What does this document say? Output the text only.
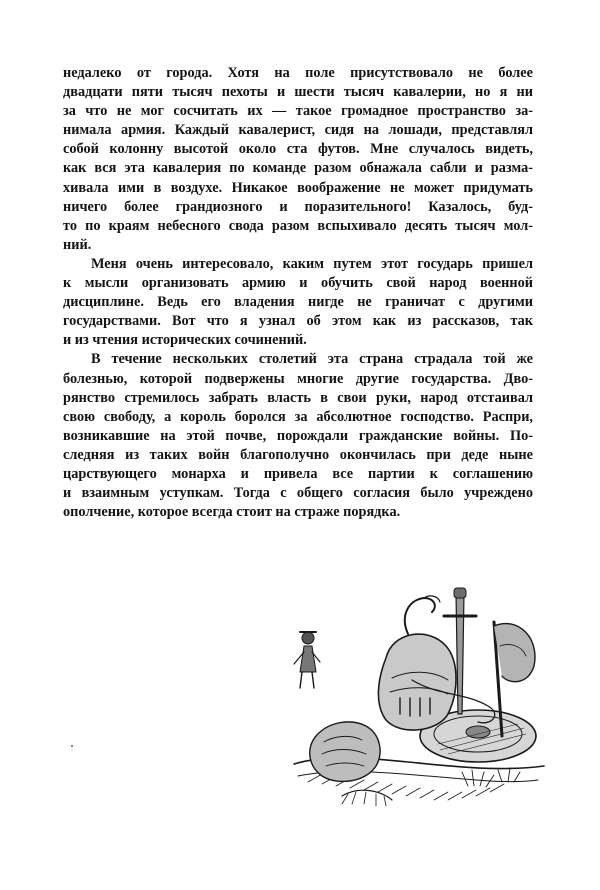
недалеко от города. Хотя на поле присутствовало не более
двадцати пяти тысяч пехоты и шести тысяч кавалерии, но я ни
за что не мог сосчитать их — такое громадное пространство за-
нимала армия. Каждый кавалерист, сидя на лошади, представлял
собой колонну высотой около ста футов. Мне случалось видеть,
как вся эта кавалерия по команде разом обнажала сабли и разма-
хивала ими в воздухе. Никакое воображение не может придумать
ничего более грандиозного и поразительного! Казалось, буд-
то по краям небесного свода разом вспыхивало десять тысяч мол-
ний.
Меня очень интересовало, каким путем этот государь пришел
к мысли организовать армию и обучить свой народ военной
дисциплине. Ведь его владения нигде не граничат с другими
государствами. Вот что я узнал об этом как из рассказов, так
и из чтения исторических сочинений.
В течение нескольких столетий эта страна страдала той же
болезнью, которой подвержены многие другие государства. Дво-
рянство стремилось забрать власть в свои руки, народ отстаивал
свою свободу, а король боролся за абсолютное господство. Распри,
возникавшие на этой почве, порождали гражданские войны. По-
следняя из таких войн благополучно окончилась при деде ныне
царствующего монарха и привела все партии к соглашению
и взаимным уступкам. Тогда с общего согласия было учреждено
ополчение, которое всегда стоит на страже порядка.
